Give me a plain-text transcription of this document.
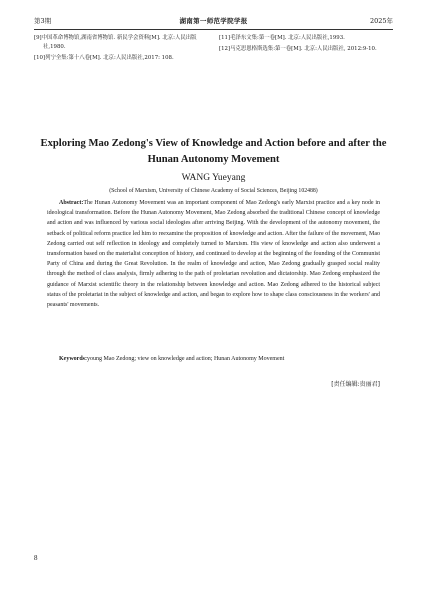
第3期	湖南第一师范学院学报	2025年
[9]中国革命博物馆,湖南省博物馆. 新民学会资料[M]. 北京:人民出版社,1980.
[10]列宁全集:第十八卷[M]. 北京:人民出版社,2017: 108.
[11]毛泽东文集:第一卷[M]. 北京:人民出版社,1993.
[12]马克思恩格斯选集:第一卷[M]. 北京:人民出版社, 2012:9-10.
Exploring Mao Zedong's View of Knowledge and Action before and after the Hunan Autonomy Movement
WANG Yueyang
(School of Marxism, University of Chinese Academy of Social Sciences, Beijing 102488)
Abstract:The Hunan Autonomy Movement was an important component of Mao Zedong's early Marxist practice and a key node in ideological transformation. Before the Hunan Autonomy Movement, Mao Zedong absorbed the traditional Chinese concept of knowledge and action and was influenced by various social ideologies after arriving Beijing. With the development of the autonomy movement, the setback of political reform practice led him to reexamine the proposition of knowledge and action. After the failure of the movement, Mao Zedong carried out self reflection in ideology and completely turned to Marxism. His view of knowledge and action also underwent a transformation based on the materialist conception of history, and continued to develop at the beginning of the founding of the Communist Party of China and during the Great Revolution. In the realm of knowledge and action, Mao Zedong gradually grasped social reality through the method of class analysis, firmly adhering to the path of proletarian revolution and dictatorship. Mao Zedong emphasized the guidance of Marxist scientific theory in the relationship between knowledge and action. Mao Zedong adhered to the historical subject status of the proletariat in the subject of knowledge and action, and began to explore how to shape class consciousness in the workers' and peasants' movements.
Keywords:young Mao Zedong; view on knowledge and action; Hunan Autonomy Movement
[责任编辑:贵丽君]
8
